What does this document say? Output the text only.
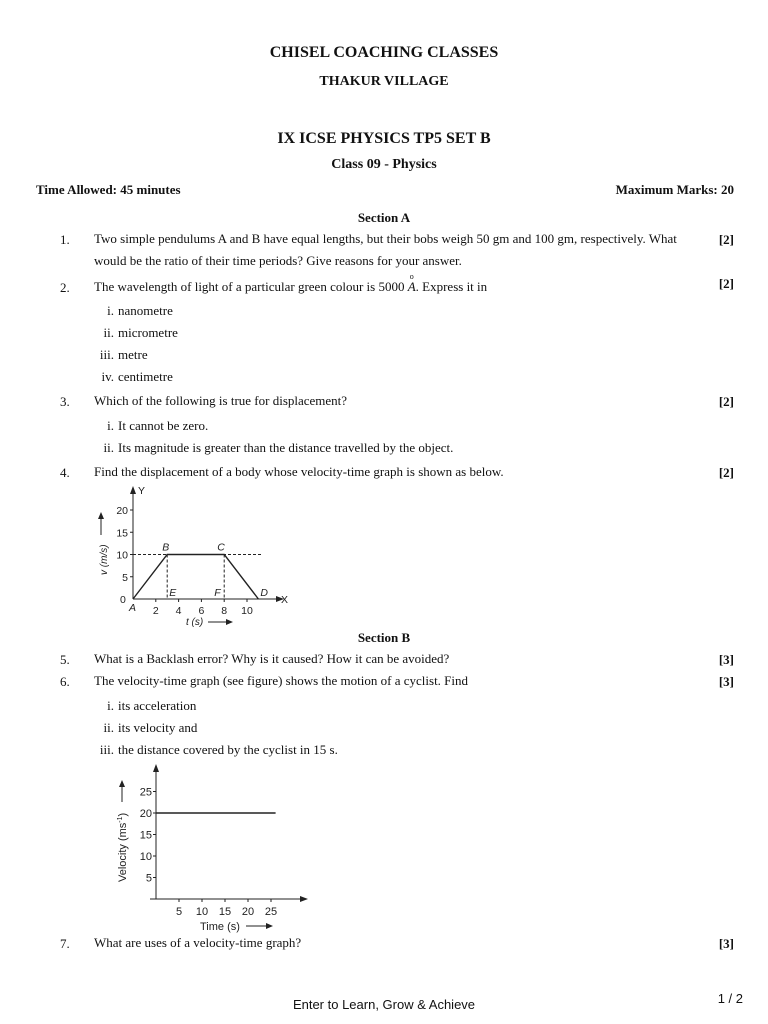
CHISEL COACHING CLASSES
THAKUR VILLAGE
IX ICSE PHYSICS TP5 SET B
Class 09 - Physics
Time Allowed: 45 minutes	Maximum Marks: 20
Section A
1.	Two simple pendulums A and B have equal lengths, but their bobs weigh 50 gm and 100 gm, respectively. What would be the ratio of their time periods? Give reasons for your answer.
[2]
2.	The wavelength of light of a particular green colour is 5000
o
A. Express it in	[2]
i. nanometre
ii. micrometre
iii. metre
iv. centimetre
3.	Which of the following is true for displacement?	[2]
i. It cannot be zero.
ii. Its magnitude is greater than the distance travelled by the object.
4.	Find the displacement of a body whose velocity-time graph is shown as below.	[2]
20
15
10
5
2 4 6 8 10
A
B	C
D
E	F
Y
X
0
v (m/s)
t (s)
Section B
5.	What is a Backlash error? Why is it caused? How it can be avoided?	[3]
6.	The velocity-time graph (see figure) shows the motion of a cyclist. Find	[3]
i. its acceleration
ii. its velocity and
iii. the distance covered by the cyclist in 15 s.
25
20
15
10
5
5 10 15 20 25
Velocity $(ms^{-1})$
Time (s)
7.	What are uses of a velocity-time graph?	[3]
Enter to Learn, Grow & Achieve	1 / 2
